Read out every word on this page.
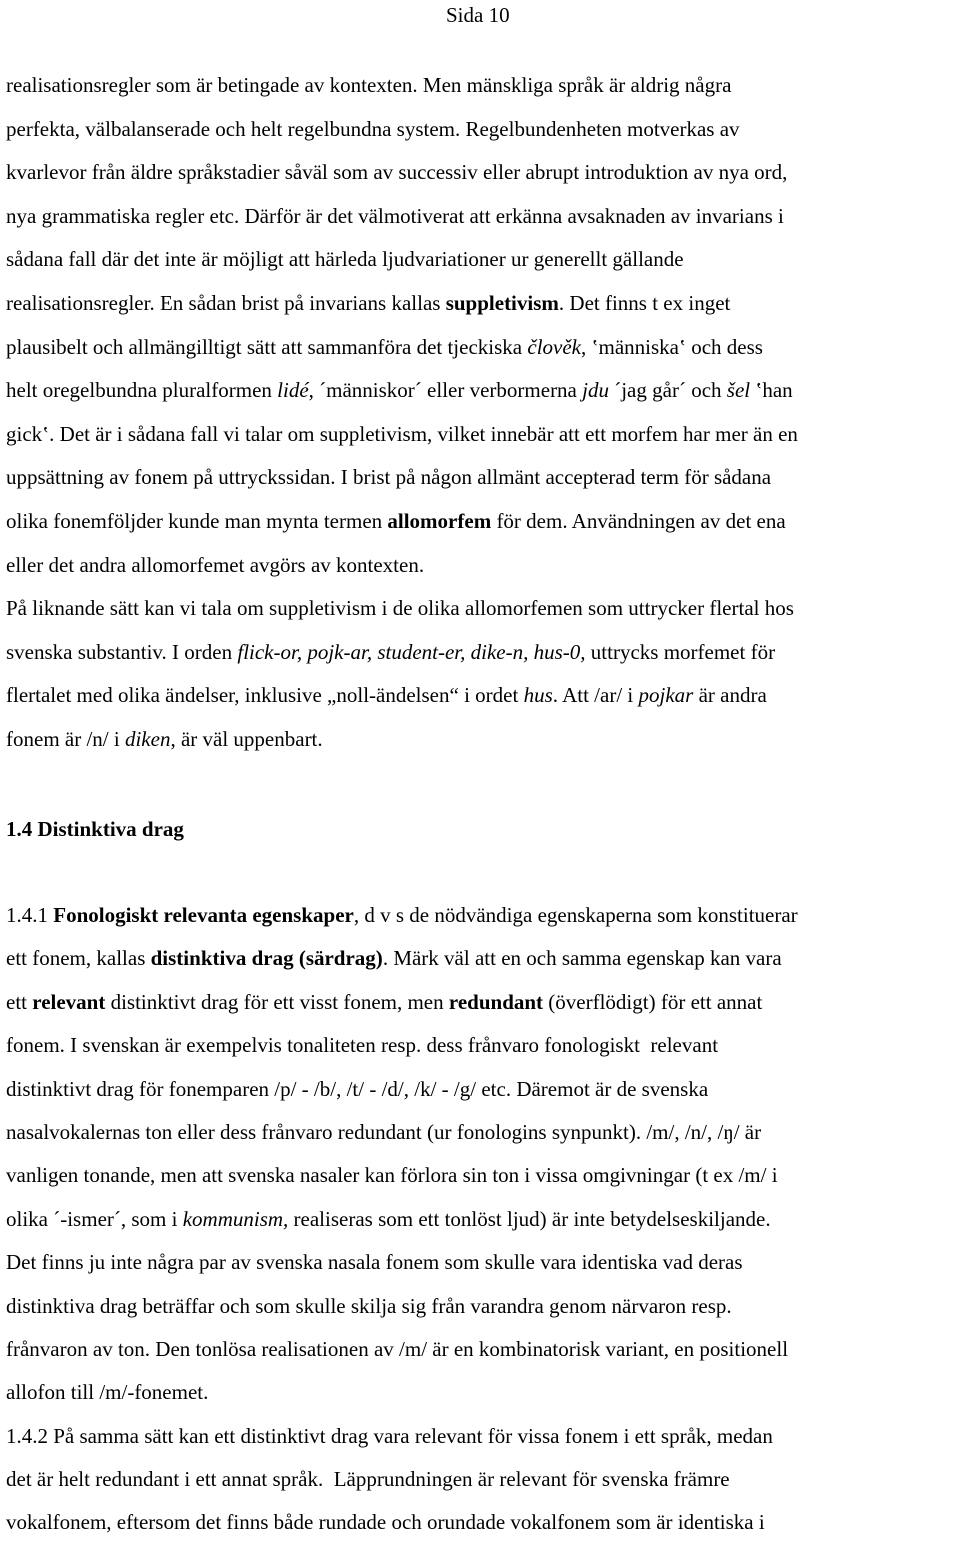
Sida 10
realisationsregler som är betingade av kontexten. Men mänskliga språk är aldrig några
perfekta, välbalanserade och helt regelbundna system. Regelbundenheten motverkas av
kvarlevor från äldre språkstadier såväl som av successiv eller abrupt introduktion av nya ord,
nya grammatiska regler etc. Därför är det välmotiverat att erkänna avsaknaden av invarians i
sådana fall där det inte är möjligt att härleda ljudvariationer ur generellt gällande
realisationsregler. En sådan brist på invarians kallas suppletivism. Det finns t ex inget
plausibelt och allmängilltigt sätt att sammanföra det tjeckiska člověk, ‛människa‛ och dess
helt oregelbundna pluralformen lidé, ´människor´ eller verbormerna jdu ´jag går´ och šel ‛han
gick‛. Det är i sådana fall vi talar om suppletivism, vilket innebär att ett morfem har mer än en
uppsättning av fonem på uttryckssidan. I brist på någon allmänt accepterad term för sådana
olika fonemföljder kunde man mynta termen allomorfem för dem. Användningen av det ena
eller det andra allomorfemet avgörs av kontexten.
På liknande sätt kan vi tala om suppletivism i de olika allomorfemen som uttrycker flertal hos
svenska substantiv. I orden flick-or, pojk-ar, student-er, dike-n, hus-0, uttrycks morfemet för
flertalet med olika ändelser, inklusive „noll-ändelsen“ i ordet hus. Att /ar/ i pojkar är andra
fonem är /n/ i diken, är väl uppenbart.
1.4 Distinktiva drag
1.4.1 Fonologiskt relevanta egenskaper, d v s de nödvändiga egenskaperna som konstituerar
ett fonem, kallas distinktiva drag (särdrag). Märk väl att en och samma egenskap kan vara
ett relevant distinktivt drag för ett visst fonem, men redundant (överflödigt) för ett annat
fonem. I svenskan är exempelvis tonaliteten resp. dess frånvaro fonologiskt  relevant
distinktivt drag för fonemparen /p/ - /b/, /t/ - /d/, /k/ - /g/ etc. Däremot är de svenska
nasalvokalernas ton eller dess frånvaro redundant (ur fonologins synpunkt). /m/, /n/, /ŋ/ är
vanligen tonande, men att svenska nasaler kan förlora sin ton i vissa omgivningar (t ex /m/ i
olika ´-ismer´, som i kommunism, realiseras som ett tonlöst ljud) är inte betydelseskiljande.
Det finns ju inte några par av svenska nasala fonem som skulle vara identiska vad deras
distinktiva drag beträffar och som skulle skilja sig från varandra genom närvaron resp.
frånvaron av ton. Den tonlösa realisationen av /m/ är en kombinatorisk variant, en positionell
allofon till /m/-fonemet.
1.4.2 På samma sätt kan ett distinktivt drag vara relevant för vissa fonem i ett språk, medan
det är helt redundant i ett annat språk.  Läpprundningen är relevant för svenska främre
vokalfonem, eftersom det finns både rundade och orundade vokalfonem som är identiska i
